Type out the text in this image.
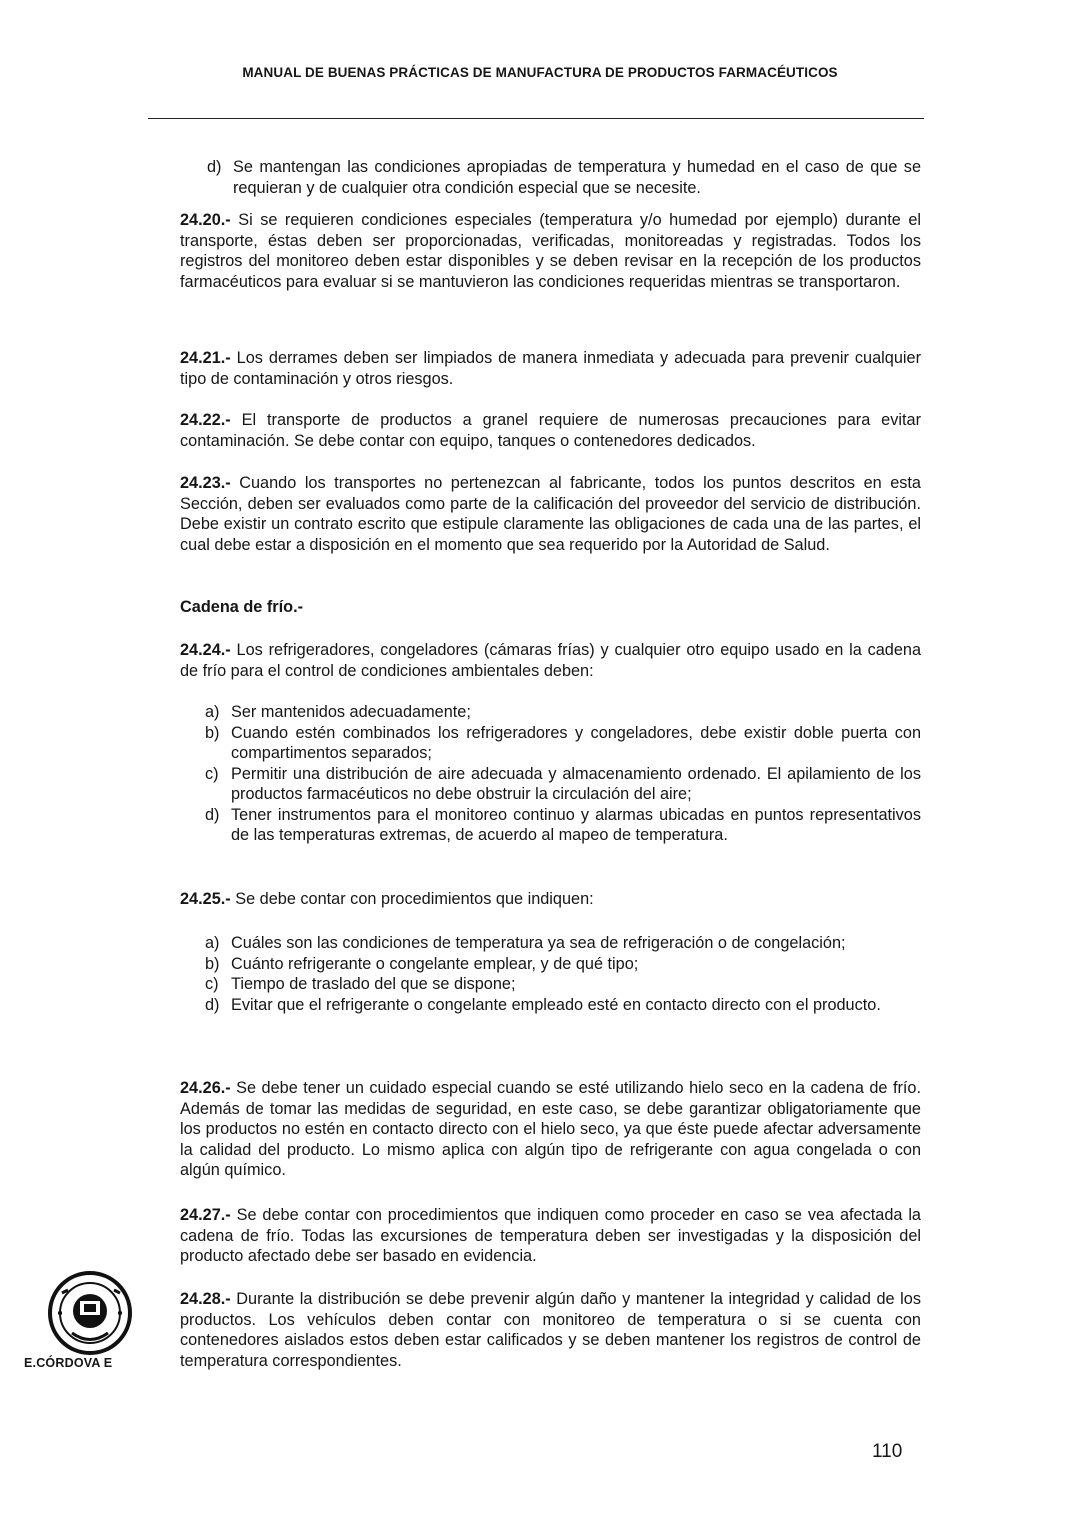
MANUAL DE BUENAS PRÁCTICAS DE MANUFACTURA DE PRODUCTOS FARMACÉUTICOS
d) Se mantengan las condiciones apropiadas de temperatura y humedad en el caso de que se requieran y de cualquier otra condición especial que se necesite.

24.20.- Si se requieren condiciones especiales (temperatura y/o humedad por ejemplo) durante el transporte, éstas deben ser proporcionadas, verificadas, monitoreadas y registradas. Todos los registros del monitoreo deben estar disponibles y se deben revisar en la recepción de los productos farmacéuticos para evaluar si se mantuvieron las condiciones requeridas mientras se transportaron.

24.21.- Los derrames deben ser limpiados de manera inmediata y adecuada para prevenir cualquier tipo de contaminación y otros riesgos.

24.22.- El transporte de productos a granel requiere de numerosas precauciones para evitar contaminación. Se debe contar con equipo, tanques o contenedores dedicados.

24.23.- Cuando los transportes no pertenezcan al fabricante, todos los puntos descritos en esta Sección, deben ser evaluados como parte de la calificación del proveedor del servicio de distribución. Debe existir un contrato escrito que estipule claramente las obligaciones de cada una de las partes, el cual debe estar a disposición en el momento que sea requerido por la Autoridad de Salud.

Cadena de frío.-

24.24.- Los refrigeradores, congeladores (cámaras frías) y cualquier otro equipo usado en la cadena de frío para el control de condiciones ambientales deben:

a) Ser mantenidos adecuadamente;
b) Cuando estén combinados los refrigeradores y congeladores, debe existir doble puerta con compartimentos separados;
c) Permitir una distribución de aire adecuada y almacenamiento ordenado. El apilamiento de los productos farmacéuticos no debe obstruir la circulación del aire;
d) Tener instrumentos para el monitoreo continuo y alarmas ubicadas en puntos representativos de las temperaturas extremas, de acuerdo al mapeo de temperatura.

24.25.- Se debe contar con procedimientos que indiquen:

a) Cuáles son las condiciones de temperatura ya sea de refrigeración o de congelación;
b) Cuánto refrigerante o congelante emplear, y de qué tipo;
c) Tiempo de traslado del que se dispone;
d) Evitar que el refrigerante o congelante empleado esté en contacto directo con el producto.

24.26.- Se debe tener un cuidado especial cuando se esté utilizando hielo seco en la cadena de frío. Además de tomar las medidas de seguridad, en este caso, se debe garantizar obligatoriamente que los productos no estén en contacto directo con el hielo seco, ya que éste puede afectar adversamente la calidad del producto. Lo mismo aplica con algún tipo de refrigerante con agua congelada o con algún químico.

24.27.- Se debe contar con procedimientos que indiquen como proceder en caso se vea afectada la cadena de frío. Todas las excursiones de temperatura deben ser investigadas y la disposición del producto afectado debe ser basado en evidencia.

24.28.- Durante la distribución se debe prevenir algún daño y mantener la integridad y calidad de los productos. Los vehículos deben contar con monitoreo de temperatura o si se cuenta con contenedores aislados estos deben estar calificados y se deben mantener los registros de control de temperatura correspondientes.

E.CÓRDOVA E
110
